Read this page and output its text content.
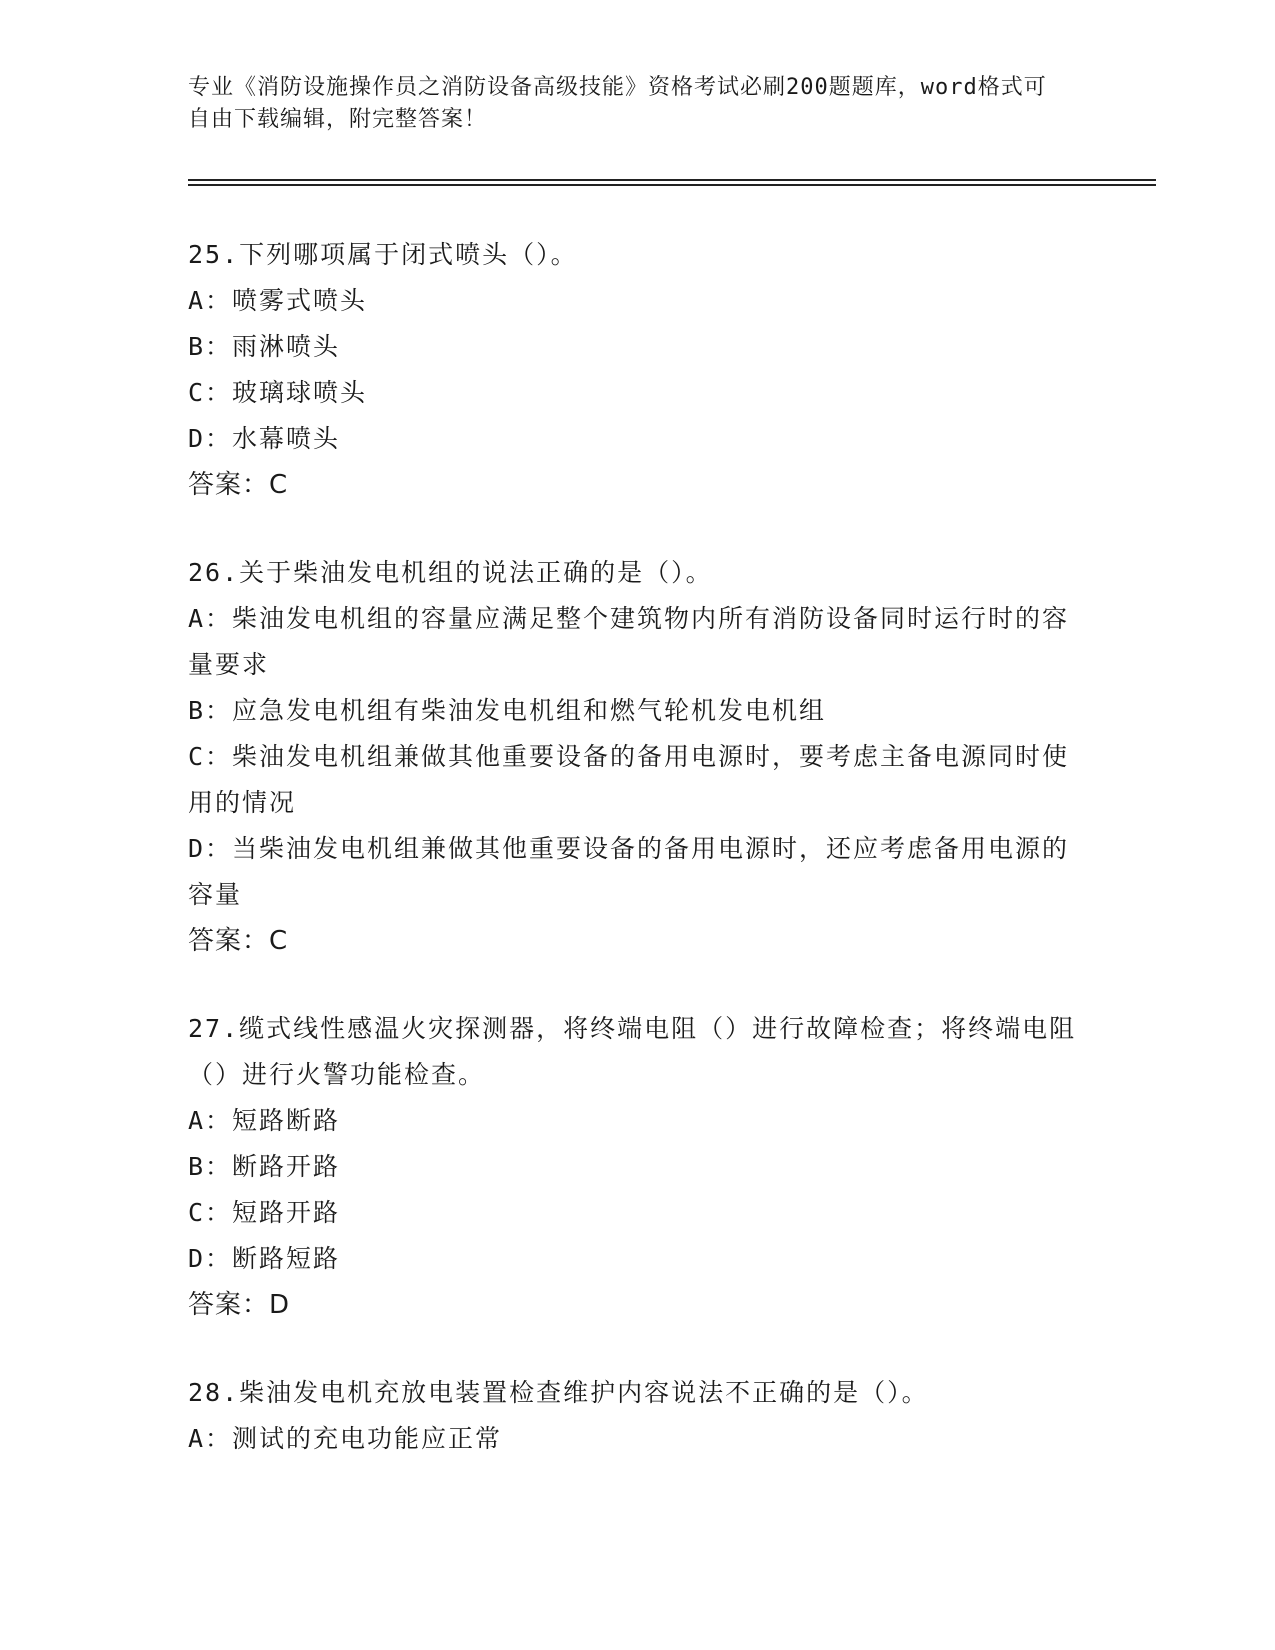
专业《消防设施操作员之消防设备高级技能》资格考试必刷200题题库，word格式可自由下载编辑，附完整答案！
25.下列哪项属于闭式喷头（）。
A：喷雾式喷头
B：雨淋喷头
C：玻璃球喷头
D：水幕喷头
答案：C
26.关于柴油发电机组的说法正确的是（）。
A：柴油发电机组的容量应满足整个建筑物内所有消防设备同时运行时的容量要求
B：应急发电机组有柴油发电机组和燃气轮机发电机组
C：柴油发电机组兼做其他重要设备的备用电源时，要考虑主备电源同时使用的情况
D：当柴油发电机组兼做其他重要设备的备用电源时，还应考虑备用电源的容量
答案：C
27.缆式线性感温火灾探测器，将终端电阻（）进行故障检查；将终端电阻（）进行火警功能检查。
A：短路断路
B：断路开路
C：短路开路
D：断路短路
答案：D
28.柴油发电机充放电装置检查维护内容说法不正确的是（）。
A：测试的充电功能应正常
